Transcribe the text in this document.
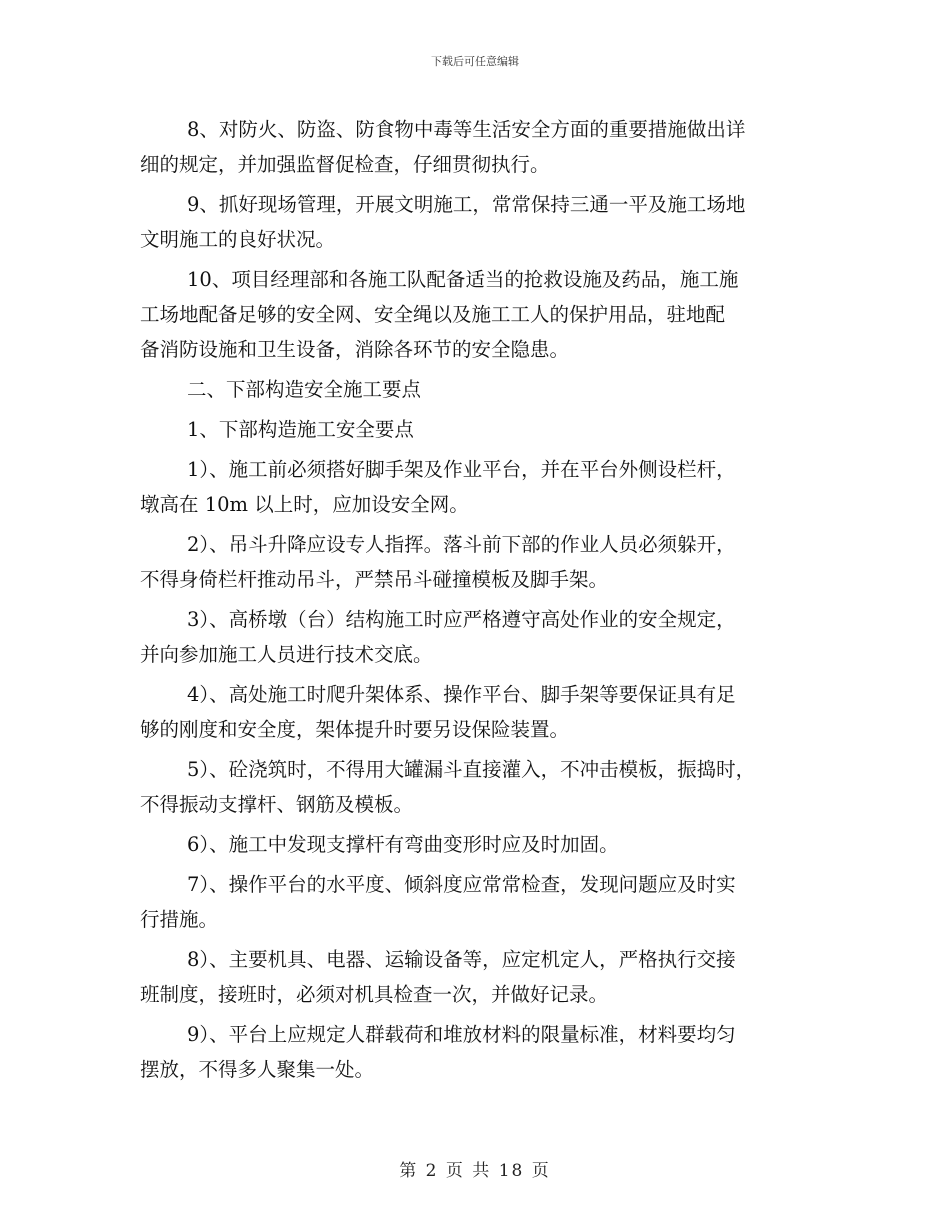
下载后可任意编辑
8、对防火、防盗、防食物中毒等生活安全方面的重要措施做出详
细的规定，并加强监督促检查，仔细贯彻执行。
9、抓好现场管理，开展文明施工，常常保持三通一平及施工场地
文明施工的良好状况。
10、项目经理部和各施工队配备适当的抢救设施及药品，施工施
工场地配备足够的安全网、安全绳以及施工工人的保护用品，驻地配
备消防设施和卫生设备，消除各环节的安全隐患。
二、下部构造安全施工要点
1、下部构造施工安全要点
1）、施工前必须搭好脚手架及作业平台，并在平台外侧设栏杆，
墩高在 10m 以上时，应加设安全网。
2）、吊斗升降应设专人指挥。落斗前下部的作业人员必须躲开，
不得身倚栏杆推动吊斗，严禁吊斗碰撞模板及脚手架。
3）、高桥墩（台）结构施工时应严格遵守高处作业的安全规定，
并向参加施工人员进行技术交底。
4）、高处施工时爬升架体系、操作平台、脚手架等要保证具有足
够的刚度和安全度，架体提升时要另设保险装置。
5）、砼浇筑时，不得用大罐漏斗直接灌入，不冲击模板，振捣时，
不得振动支撑杆、钢筋及模板。
6）、施工中发现支撑杆有弯曲变形时应及时加固。
7）、操作平台的水平度、倾斜度应常常检查，发现问题应及时实
行措施。
8）、主要机具、电器、运输设备等，应定机定人，严格执行交接
班制度，接班时，必须对机具检查一次，并做好记录。
9）、平台上应规定人群载荷和堆放材料的限量标准，材料要均匀
摆放，不得多人聚集一处。
第 2 页 共 18 页
